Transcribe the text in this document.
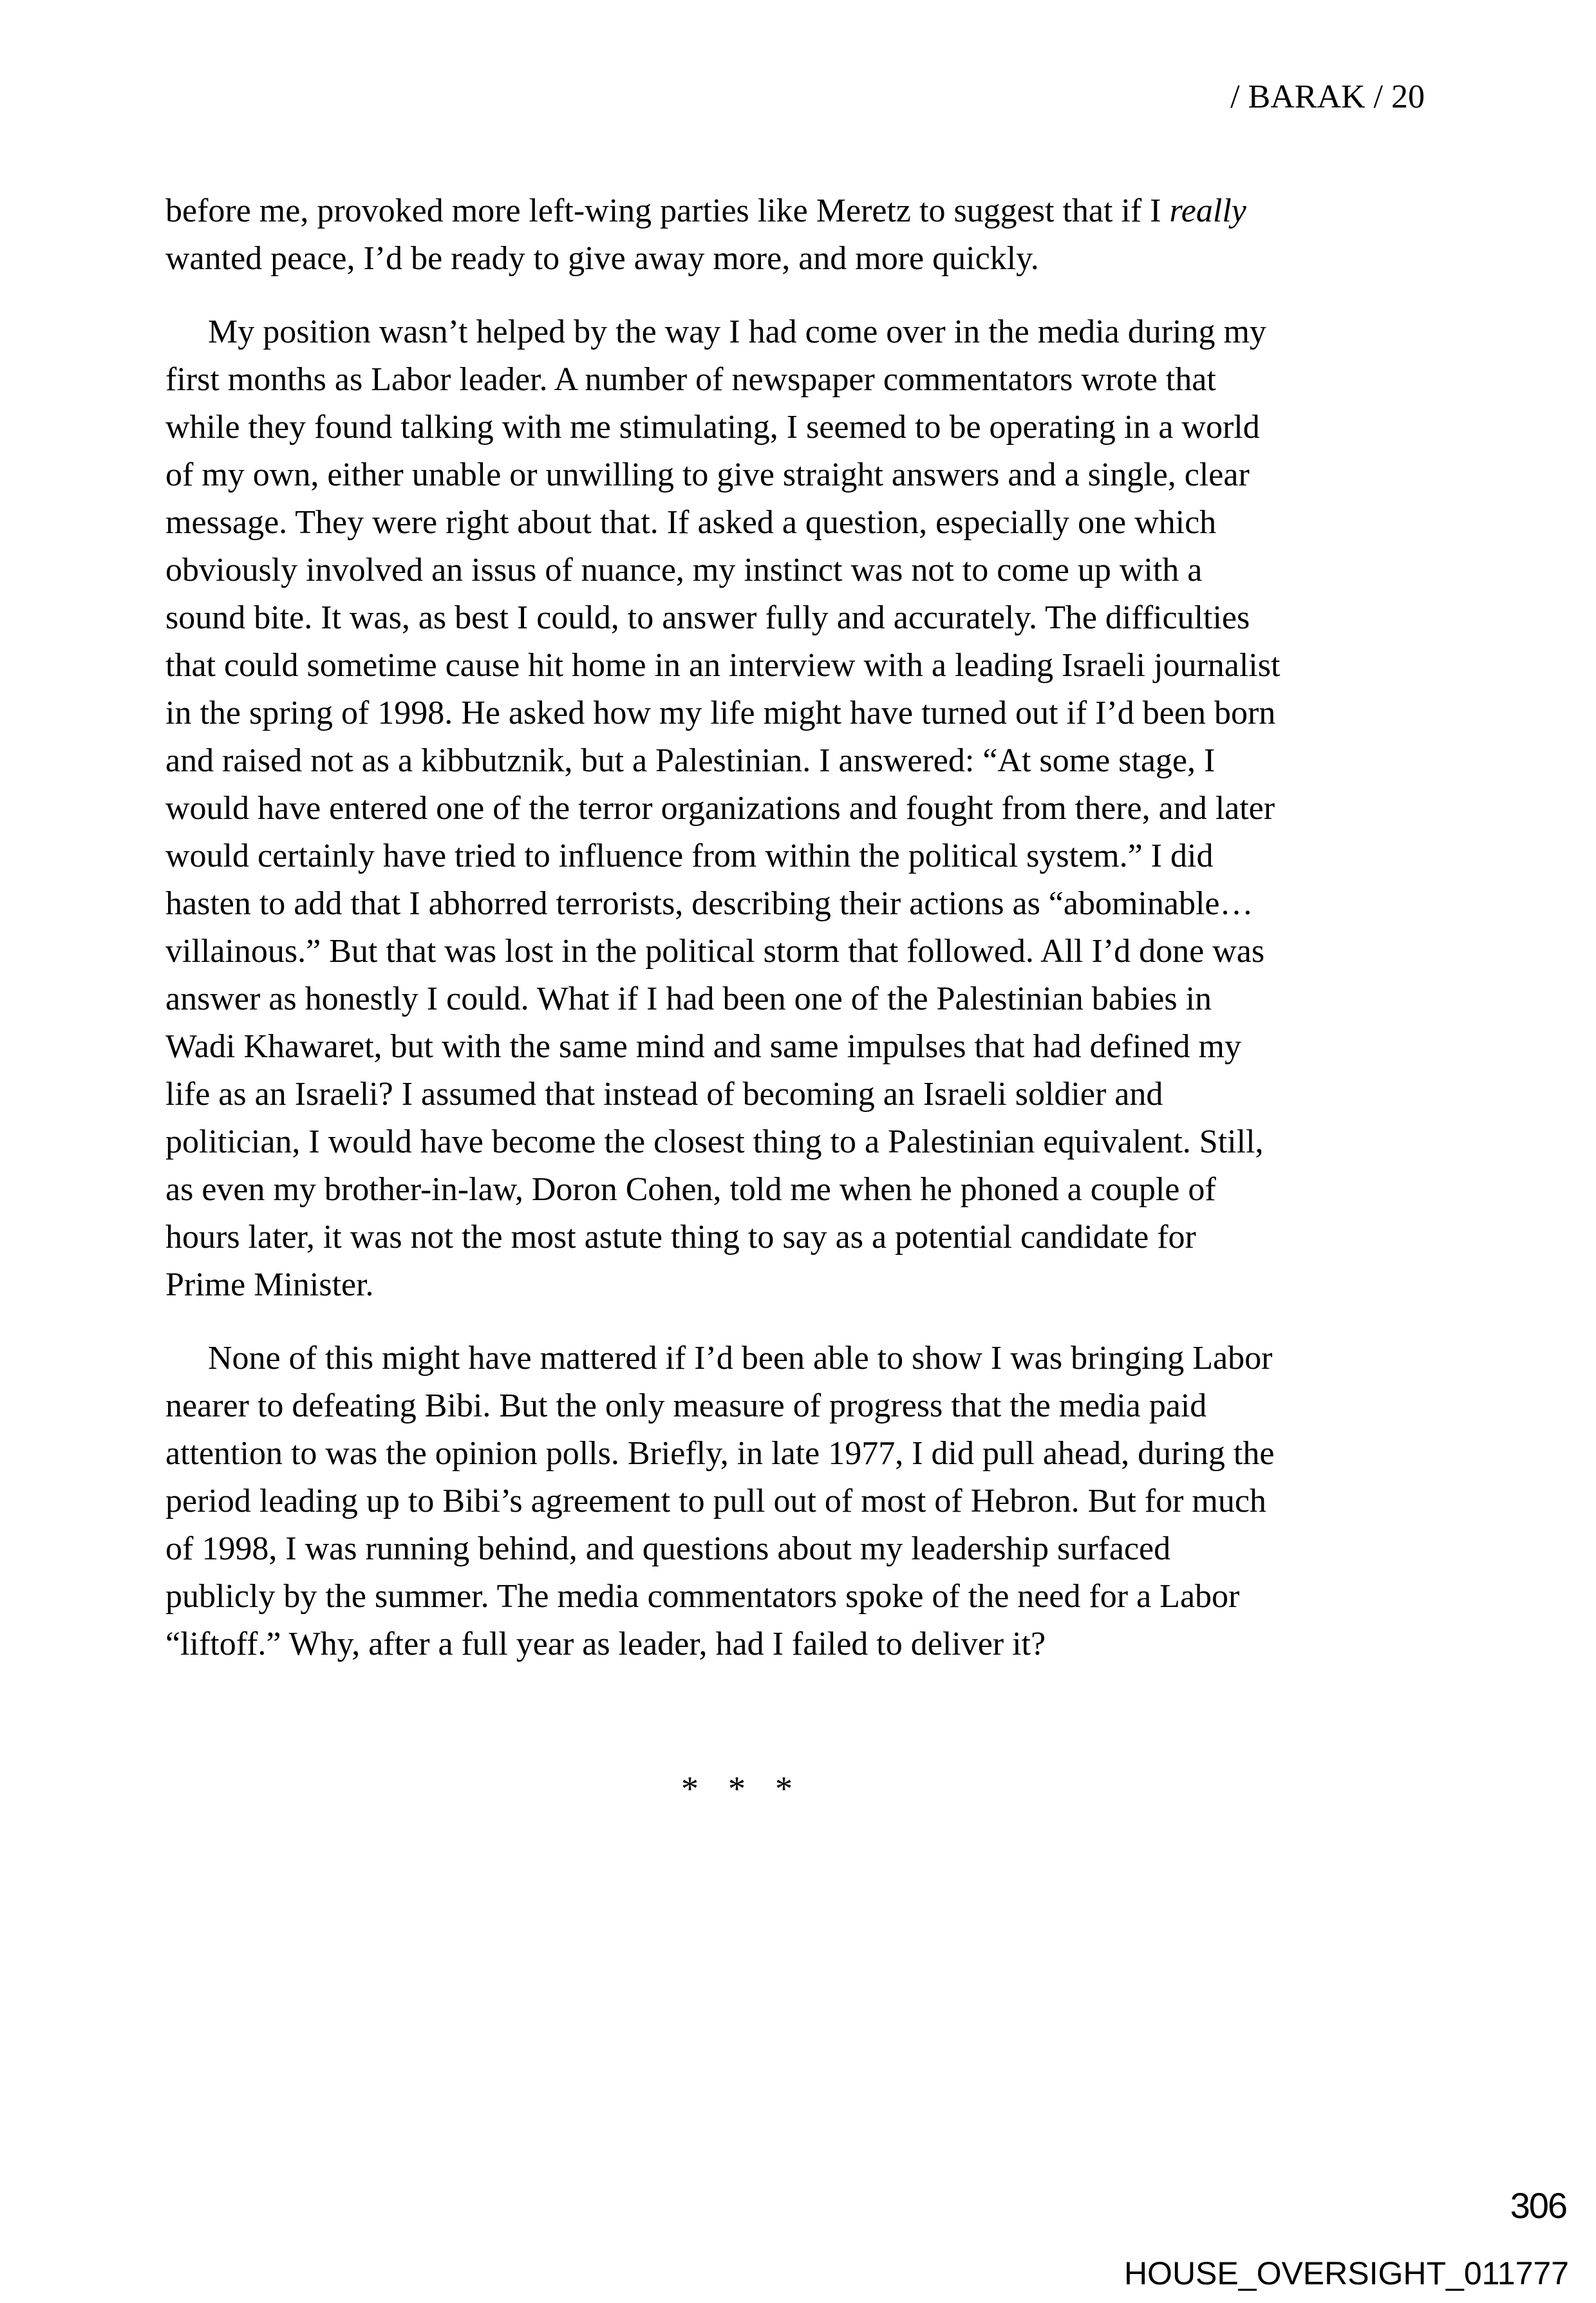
/ BARAK / 20
before me, provoked more left-wing parties like Meretz to suggest that if I really
wanted peace, I’d be ready to give away more, and more quickly.
My position wasn’t helped by the way I had come over in the media during my
first months as Labor leader. A number of newspaper commentators wrote that
while they found talking with me stimulating, I seemed to be operating in a world
of my own, either unable or unwilling to give straight answers and a single, clear
message. They were right about that. If asked a question, especially one which
obviously involved an issus of nuance, my instinct was not to come up with a
sound bite. It was, as best I could, to answer fully and accurately. The difficulties
that could sometime cause hit home in an interview with a leading Israeli journalist
in the spring of 1998. He asked how my life might have turned out if I’d been born
and raised not as a kibbutznik, but a Palestinian. I answered: “At some stage, I
would have entered one of the terror organizations and fought from there, and later
would certainly have tried to influence from within the political system.” I did
hasten to add that I abhorred terrorists, describing their actions as “abominable…
villainous.” But that was lost in the political storm that followed. All I’d done was
answer as honestly I could. What if I had been one of the Palestinian babies in
Wadi Khawaret, but with the same mind and same impulses that had defined my
life as an Israeli? I assumed that instead of becoming an Israeli soldier and
politician, I would have become the closest thing to a Palestinian equivalent. Still,
as even my brother-in-law, Doron Cohen, told me when he phoned a couple of
hours later, it was not the most astute thing to say as a potential candidate for
Prime Minister.
None of this might have mattered if I’d been able to show I was bringing Labor
nearer to defeating Bibi. But the only measure of progress that the media paid
attention to was the opinion polls. Briefly, in late 1977, I did pull ahead, during the
period leading up to Bibi’s agreement to pull out of most of Hebron. But for much
of 1998, I was running behind, and questions about my leadership surfaced
publicly by the summer. The media commentators spoke of the need for a Labor
“liftoff.” Why, after a full year as leader, had I failed to deliver it?
* * *
306
HOUSE_OVERSIGHT_011777
